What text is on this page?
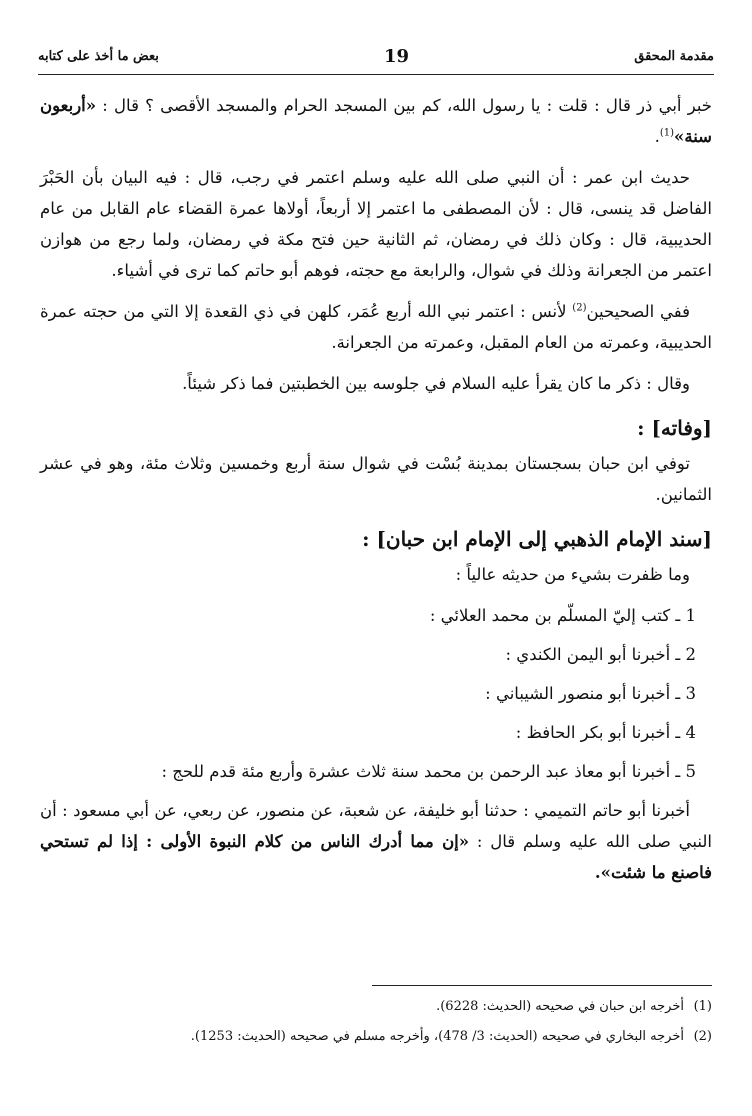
بعض ما أخذ على كتابه	19	مقدمة المحقق

خبر أبي ذر قال : قلت : يا رسول الله، كم بين المسجد الحرام والمسجد الأقصى ؟ قال : «أربعون سنة»$^{(1)}$.

حديث ابن عمر : أن النبي صلى الله عليه وسلم اعتمر في رجب، قال : فيه البيان بأن الحَبْرَ الفاضل قد ينسى، قال : لأن المصطفى ما اعتمر إلا أربعاً، أولاها عمرة القضاء عام القابل من عام الحديبية، قال : وكان ذلك في رمضان، ثم الثانية حين فتح مكة في رمضان، ولما رجع من هوازن اعتمر من الجعرانة وذلك في شوال، والرابعة مع حجته، فوهم أبو حاتم كما ترى في أشياء.

ففي الصحيحين$^{(2)}$ لأنس : اعتمر نبي الله أربع عُمَر، كلهن في ذي القعدة إلا التي من حجته عمرة الحديبية، وعمرته من العام المقبل، وعمرته من الجعرانة.

وقال : ذكر ما كان يقرأ عليه السلام في جلوسه بين الخطبتين فما ذكر شيئاً.

[وفاته] :

توفي ابن حبان بسجستان بمدينة بُسْت في شوال سنة أربع وخمسين وثلاث مئة، وهو في عشر الثمانين.

[سند الإمام الذهبي إلى الإمام ابن حبان] :

وما ظفرت بشيء من حديثه عالياً :

1 ـ كتب إليّ المسلّم بن محمد العلائي :

2 ـ أخبرنا أبو اليمن الكندي :

3 ـ أخبرنا أبو منصور الشيباني :

4 ـ أخبرنا أبو بكر الحافظ :

5 ـ أخبرنا أبو معاذ عبد الرحمن بن محمد سنة ثلاث عشرة وأربع مئة قدم للحج :

أخبرنا أبو حاتم التميمي : حدثنا أبو خليفة، عن شعبة، عن منصور، عن ربعي، عن أبي مسعود : أن النبي صلى الله عليه وسلم قال : «إن مما أدرك الناس من كلام النبوة الأولى : إذا لم تستحي فاصنع ما شئت».

(1)أخرجه ابن حبان في صحيحه (الحديث: 6228).
(2)أخرجه البخاري في صحيحه (الحديث: 3/ 478)، وأخرجه مسلم في صحيحه (الحديث: 1253).
